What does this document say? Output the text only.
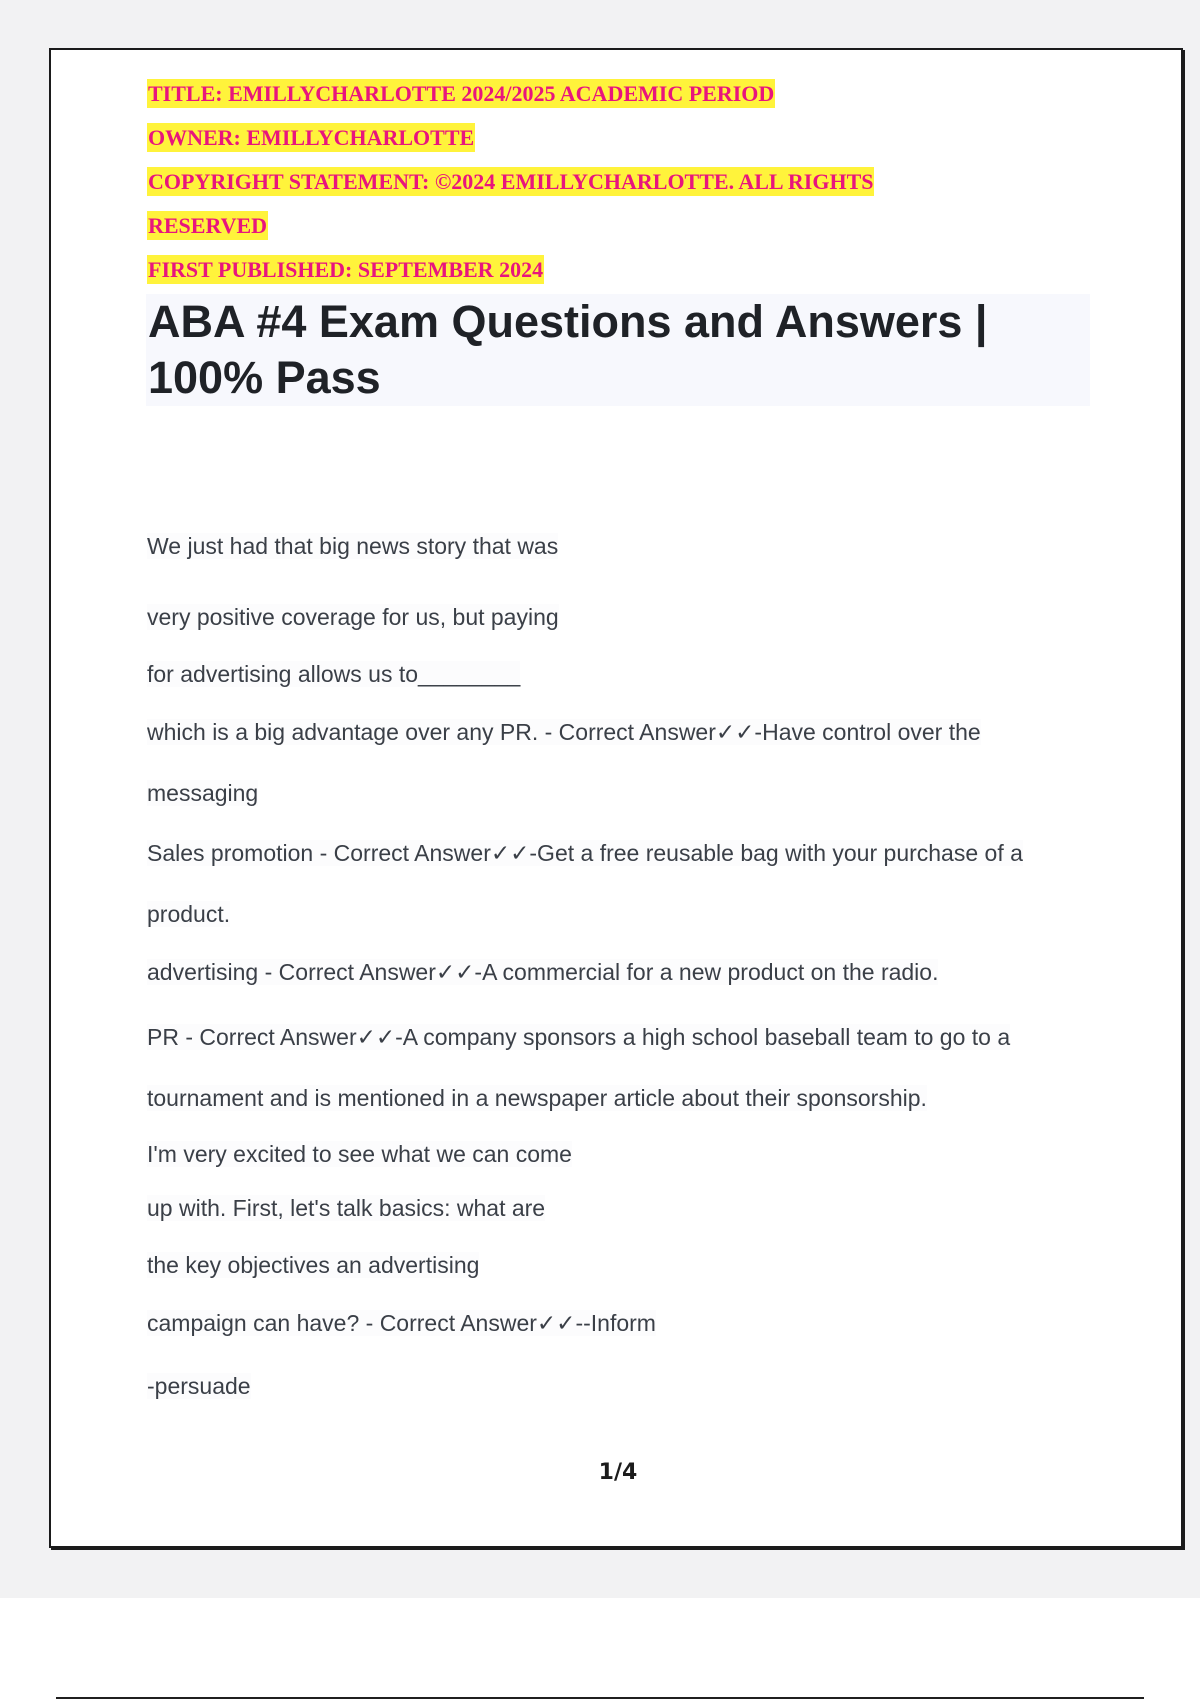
TITLE: EMILLYCHARLOTTE 2024/2025 ACADEMIC PERIOD
OWNER: EMILLYCHARLOTTE
COPYRIGHT STATEMENT: ©2024 EMILLYCHARLOTTE. ALL RIGHTS
RESERVED
FIRST PUBLISHED: SEPTEMBER 2024
ABA #4 Exam Questions and Answers |
100% Pass
We just had that big news story that was
very positive coverage for us, but paying
for advertising allows us to________
which is a big advantage over any PR. - Correct Answer✓✓-Have control over the
messaging
Sales promotion - Correct Answer✓✓-Get a free reusable bag with your purchase of a
product.
advertising - Correct Answer✓✓-A commercial for a new product on the radio.
PR - Correct Answer✓✓-A company sponsors a high school baseball team to go to a
tournament and is mentioned in a newspaper article about their sponsorship.
I'm very excited to see what we can come
up with. First, let's talk basics: what are
the key objectives an advertising
campaign can have? - Correct Answer✓✓--Inform
-persuade
1/4
